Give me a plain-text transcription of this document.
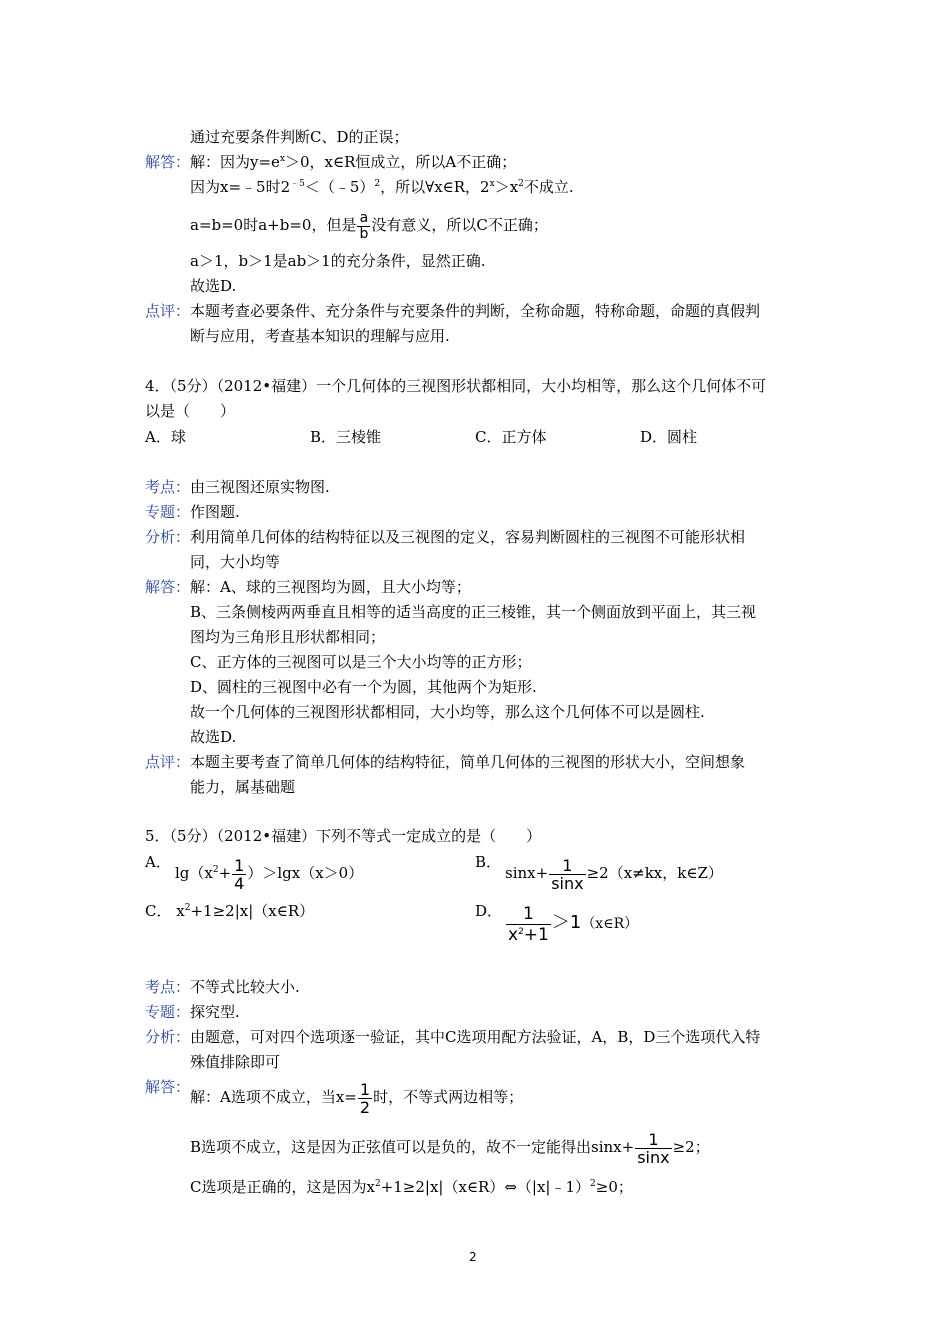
通过充要条件判断C、D的正误；
解答： 解：因为$y=e^x>0$，x∈R恒成立，所以A不正确；
因为x=﹣5时$2^{﹣5}<(﹣5)^2$，所以∀x∈R，$2^x>x^2$不成立.
a=b=0时a+b=0，但是 $\frac{a}{b}$ 没有意义，所以C不正确；
a＞1，b＞1是ab＞1的充分条件，显然正确.
故选D.
点评： 本题考查必要条件、充分条件与充要条件的判断，全称命题，特称命题，命题的真假判
断与应用，考查基本知识的理解与应用.
4．（5分）（2012•福建）一个几何体的三视图形状都相同，大小均相等，那么这个几何体不可
以是（　　）
A．球	B．三棱锥	C．正方体	D．圆柱
考点： 由三视图还原实物图.
专题： 作图题.
分析： 利用简单几何体的结构特征以及三视图的定义，容易判断圆柱的三视图不可能形状相
同，大小均等
解答： 解：A、球的三视图均为圆，且大小均等；
B、三条侧棱两两垂直且相等的适当高度的正三棱锥，其一个侧面放到平面上，其三视
图均为三角形且形状都相同；
C、正方体的三视图可以是三个大小均等的正方形；
D、圆柱的三视图中必有一个为圆，其他两个为矩形.
故一个几何体的三视图形状都相同，大小均等，那么这个几何体不可以是圆柱.
故选D.
点评： 本题主要考查了简单几何体的结构特征，简单几何体的三视图的形状大小，空间想象
能力，属基础题
5．（5分）（2012•福建）下列不等式一定成立的是（　　）
A．
$\lg(x^2+ \frac{1}{4} )>\lg x(x>0)$
B．
$\sin x+ \frac{1}{\sin x} \ge 2(x\ne kx$，k∈Z）
C． $x^2+1\ge 2|x|(x\in R)$	D． $\frac{1}{x^2+1}$ ＞1（x∈R）
考点： 不等式比较大小.
专题： 探究型.
分析： 由题意，可对四个选项逐一验证，其中C选项用配方法验证，A，B，D三个选项代入特
殊值排除即可
解答：
解：A选项不成立，当$x= \frac{1}{2}$ 时，不等式两边相等；
B选项不成立，这是因为正弦值可以是负的，故不一定能得出$\sin x+ \frac{1}{\sin x} \ge 2$；
C选项是正确的，这是因为$x^2+1\ge 2|x|(x\in R)\Leftrightarrow(|x|﹣1)^2\ge 0$；
2
